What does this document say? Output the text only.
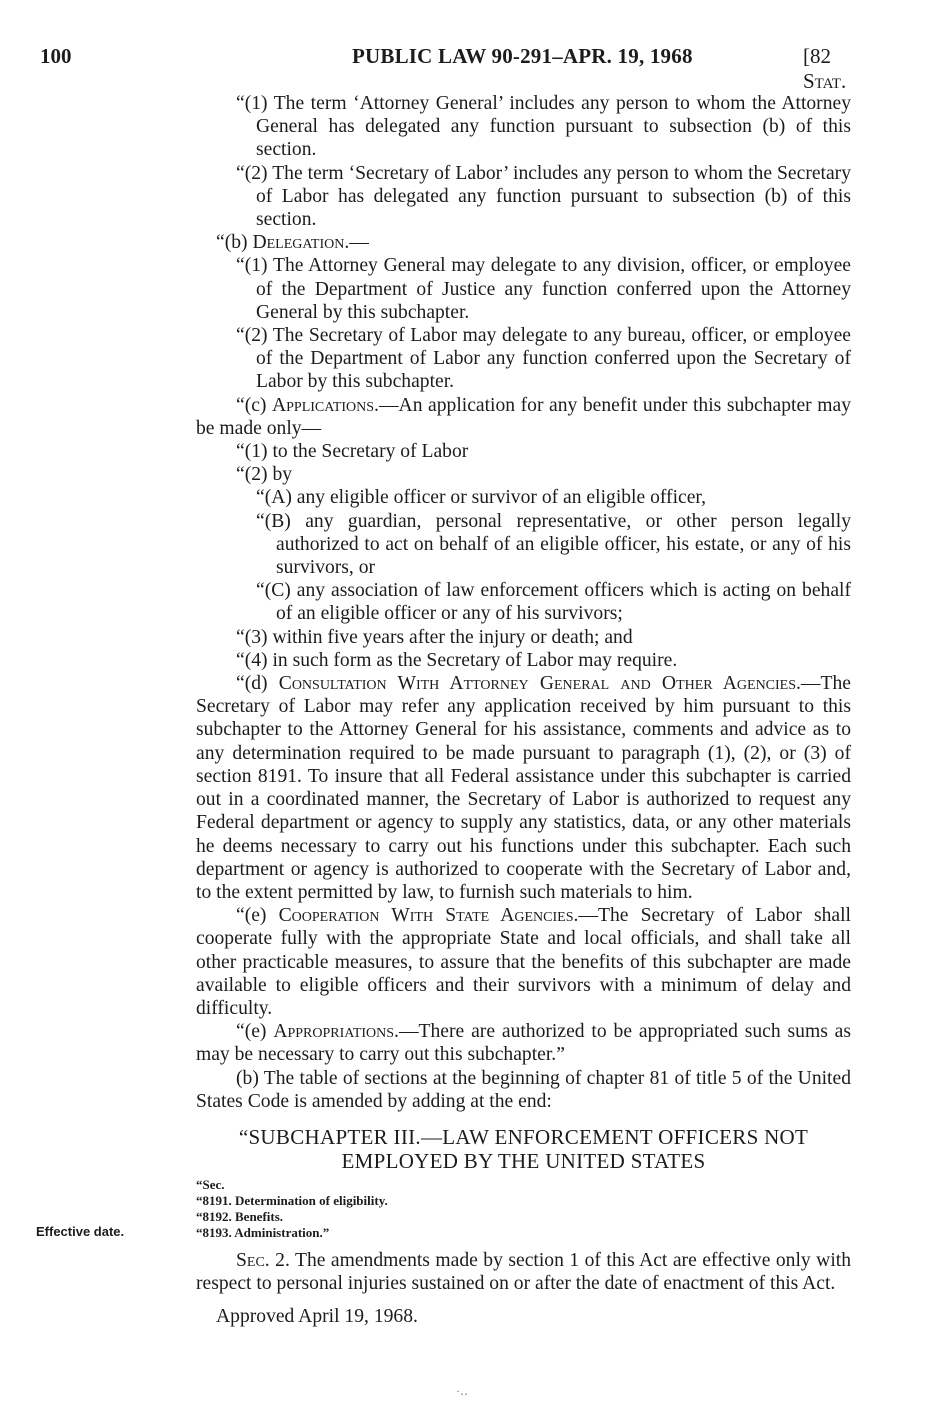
100	PUBLIC LAW 90-291–APR. 19, 1968	[82 Stat.

“(1) The term ‘Attorney General’ includes any person to whom the Attorney General has delegated any function pursuant to subsection (b) of this section.

“(2) The term ‘Secretary of Labor’ includes any person to whom the Secretary of Labor has delegated any function pursuant to subsection (b) of this section.

“(b) Delegation.—

“(1) The Attorney General may delegate to any division, officer, or employee of the Department of Justice any function conferred upon the Attorney General by this subchapter.

“(2) The Secretary of Labor may delegate to any bureau, officer, or employee of the Department of Labor any function conferred upon the Secretary of Labor by this subchapter.

“(c) Applications.—An application for any benefit under this subchapter may be made only—

“(1) to the Secretary of Labor

“(2) by

“(A) any eligible officer or survivor of an eligible officer,

“(B) any guardian, personal representative, or other person legally authorized to act on behalf of an eligible officer, his estate, or any of his survivors, or

“(C) any association of law enforcement officers which is acting on behalf of an eligible officer or any of his survivors;

“(3) within five years after the injury or death; and

“(4) in such form as the Secretary of Labor may require.

“(d) Consultation With Attorney General and Other Agencies.—The Secretary of Labor may refer any application received by him pursuant to this subchapter to the Attorney General for his assistance, comments and advice as to any determination required to be made pursuant to paragraph (1), (2), or (3) of section 8191. To insure that all Federal assistance under this subchapter is carried out in a coordinated manner, the Secretary of Labor is authorized to request any Federal department or agency to supply any statistics, data, or any other materials he deems necessary to carry out his functions under this subchapter. Each such department or agency is authorized to cooperate with the Secretary of Labor and, to the extent permitted by law, to furnish such materials to him.

“(e) Cooperation With State Agencies.—The Secretary of Labor shall cooperate fully with the appropriate State and local officials, and shall take all other practicable measures, to assure that the benefits of this subchapter are made available to eligible officers and their survivors with a minimum of delay and difficulty.

“(e) Appropriations.—There are authorized to be appropriated such sums as may be necessary to carry out this subchapter.”

(b) The table of sections at the beginning of chapter 81 of title 5 of the United States Code is amended by adding at the end:

“SUBCHAPTER III.—LAW ENFORCEMENT OFFICERS NOT EMPLOYED BY THE UNITED STATES
“Sec.
“8191. Determination of eligibility.
“8192. Benefits.
“8193. Administration.”

Sec. 2. The amendments made by section 1 of this Act are effective only with respect to personal injuries sustained on or after the date of enactment of this Act.

Approved April 19, 1968.

Effective date.
·‥
